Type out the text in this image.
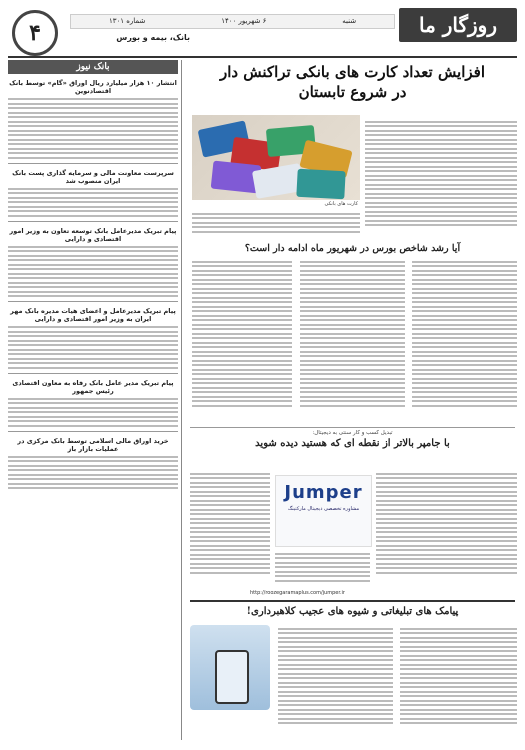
روزگار ما
شنبه
۶ شهریور ۱۴۰۰
شماره ۱۳۰۱
بانک، بیمه و بورس
۴
افزایش تعداد کارت های بانکی تراکنش دار
در شروع تابستان
کارت های بانکی
آیا رشد شاخص بورس در شهریور ماه ادامه دار است؟
تبدیل کسب و کار سنتی به دیجیتال:
با جامپر بالاتر از نقطه ای که هستید دیده شوید
Jumper
مشاوره تخصصی دیجیتال مارکتینگ
http://roozegaramaplus.com/jumper.ir
پیامک های تبلیغاتی و شیوه های عجیب کلاهبرداری!
بانک نیوز
انتشار ۱۰ هزار میلیارد ریال اوراق «گام» توسط بانک اقتصادنوین
سرپرست معاونت مالی و سرمایه گذاری پست بانک ایران منصوب شد
پیام تبریک مدیرعامل بانک توسعه تعاون به وزیر امور اقتصادی و دارایی
پیام تبریک مدیرعامل و اعضای هیات مدیره بانک مهر ایران به وزیر امور اقتصادی و دارایی
پیام تبریک مدیر عامل بانک رفاه به معاون اقتصادی رئیس جمهور
خرید اوراق مالی اسلامی توسط بانک مرکزی در عملیات بازار باز
